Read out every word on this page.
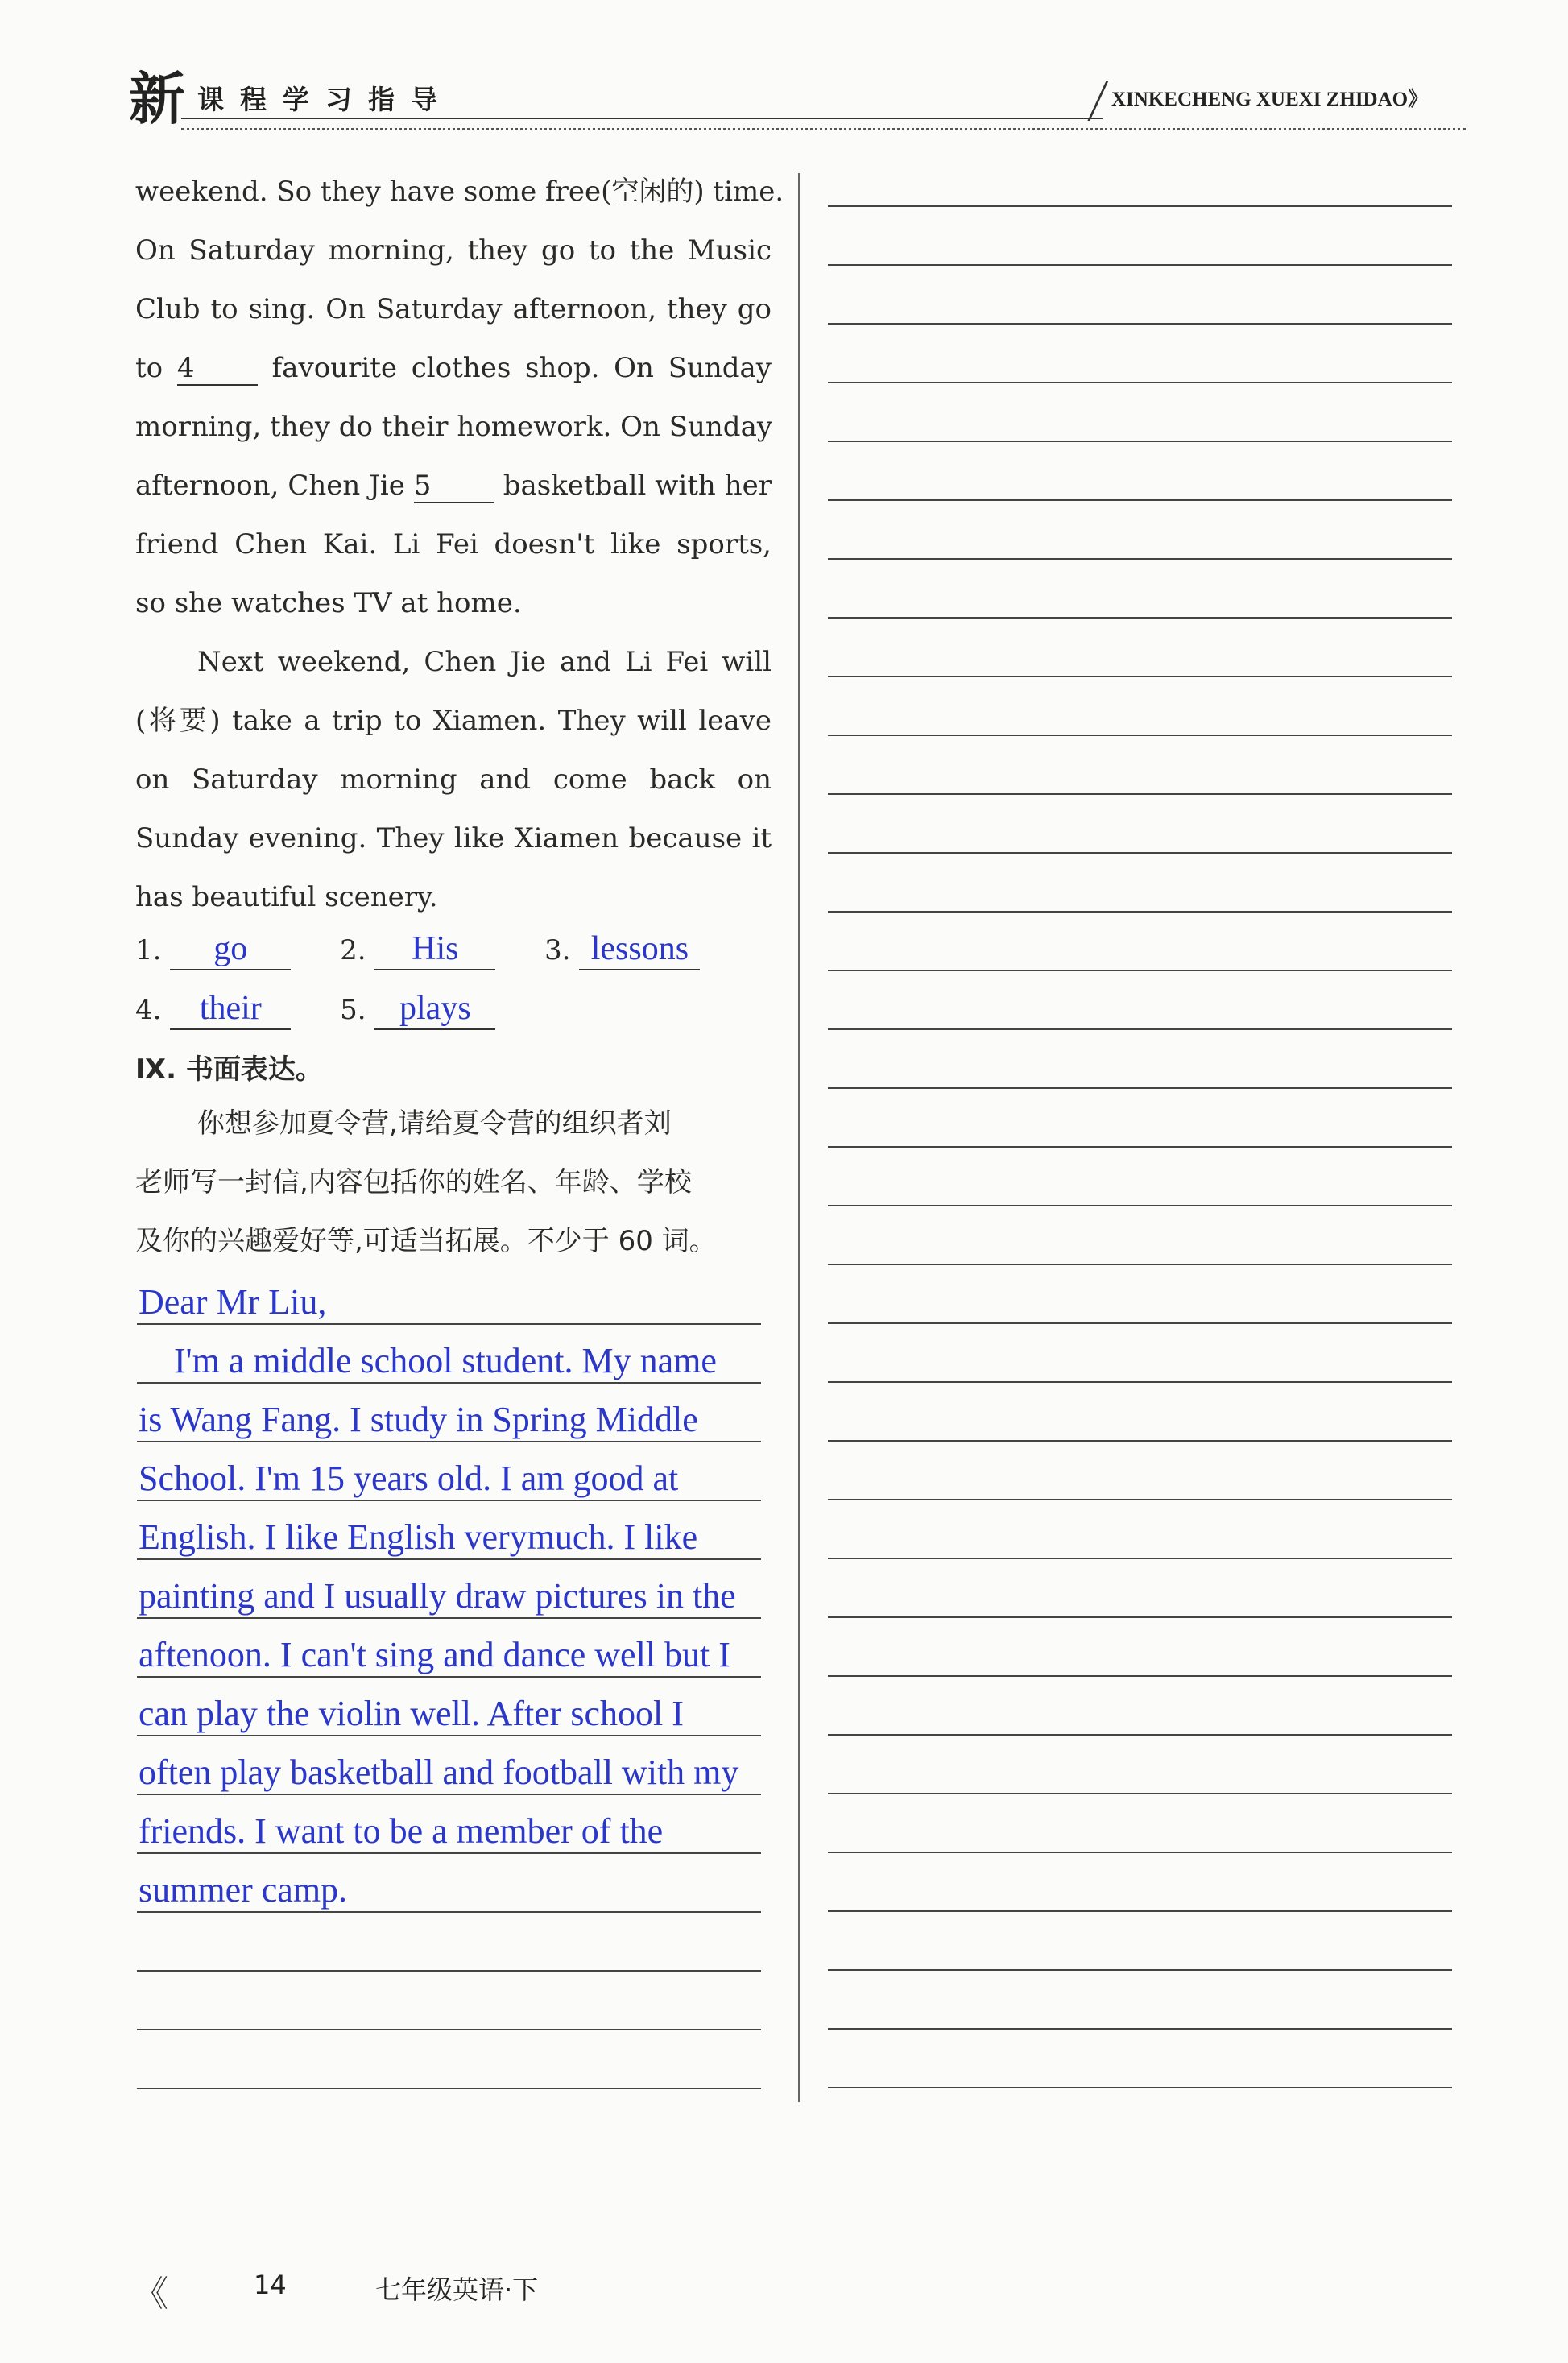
新 课程学习指导	XINKECHENG XUEXI ZHIDAO》
weekend. So they have some free(空闲的) time.
On Saturday morning, they go to the Music
Club to sing. On Saturday afternoon, they go
to 4	favourite clothes shop. On Sunday
morning, they do their homework. On Sunday
afternoon, Chen Jie 5	basketball with her
friend Chen Kai. Li Fei doesn't like sports,
so she watches TV at home.
Next weekend, Chen Jie and Li Fei will
(将要) take a trip to Xiamen. They will leave
on Saturday morning and come back on
Sunday evening. They like Xiamen because it
has beautiful scenery.
1. go	2. His	3. lessons
4. their	5. plays
Ⅸ. 书面表达。
你想参加夏令营,请给夏令营的组织者刘
老师写一封信,内容包括你的姓名、年龄、学校
及你的兴趣爱好等,可适当拓展。不少于 60 词。
Dear Mr Liu,
I'm a middle school student. My name
is Wang Fang. I study in Spring Middle
School. I'm 15 years old. I am good at
English. I like English verymuch. I like
painting and I usually draw pictures in the
aftenoon. I can't sing and dance well but I
can play the violin well. After school I
often play basketball and football with my
friends. I want to be a member of the
summer camp.
《	14	七年级英语·下
